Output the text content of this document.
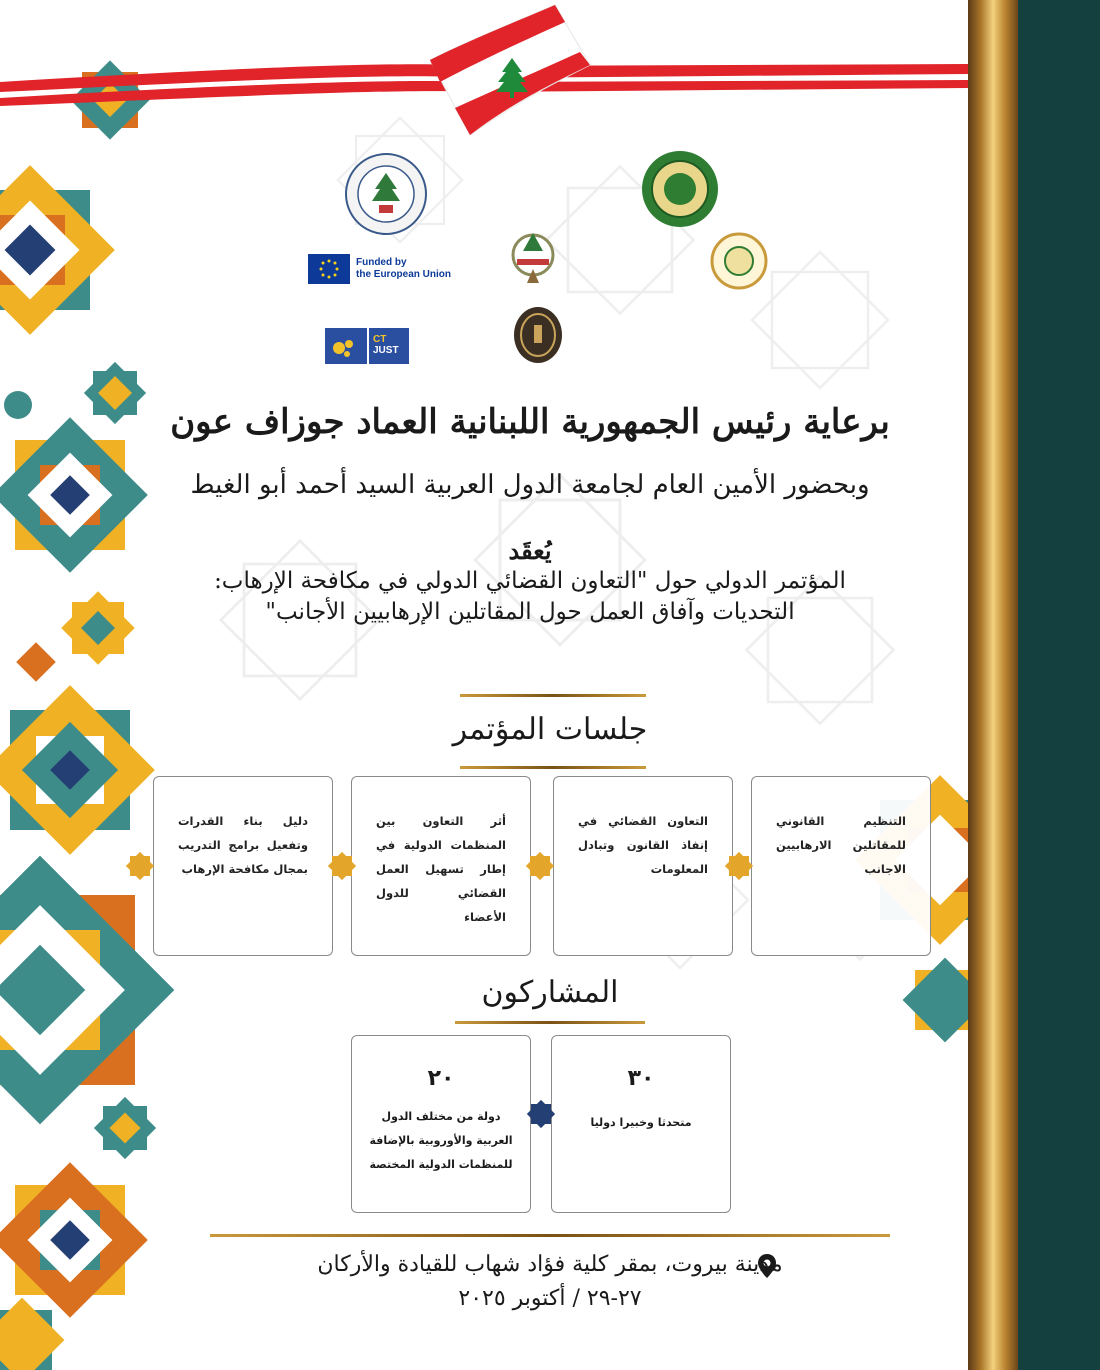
Funded by
the European Union
CT
JUST
برعاية رئيس الجمهورية اللبنانية العماد جوزاف عون
وبحضور الأمين العام لجامعة الدول العربية السيد أحمد أبو الغيط
يُعقَد
المؤتمر الدولي حول "التعاون القضائي الدولي في مكافحة الإرهاب:
التحديات وآفاق العمل حول المقاتلين الإرهابيين الأجانب"
جلسات المؤتمر
التنظيم القانوني للمقاتلين الارهابيين الاجانب
التعاون القضائي في إنفاذ القانون وتبادل المعلومات
أثر التعاون بين المنظمات الدولية في إطار تسهيل العمل القضائي للدول الأعضاء
دليل بناء القدرات وتفعيل برامج التدريب بمجال مكافحة الإرهاب
المشاركون
٣٠
متحدثا وخبيرا دوليا
٢٠
دولة من مختلف الدول العربية والأوروبية بالإضافة للمنظمات الدولية المختصة
مدينة بيروت، بمقر كلية فؤاد شهاب للقيادة والأركان
٢٧-٢٩ / أكتوبر ٢٠٢٥
